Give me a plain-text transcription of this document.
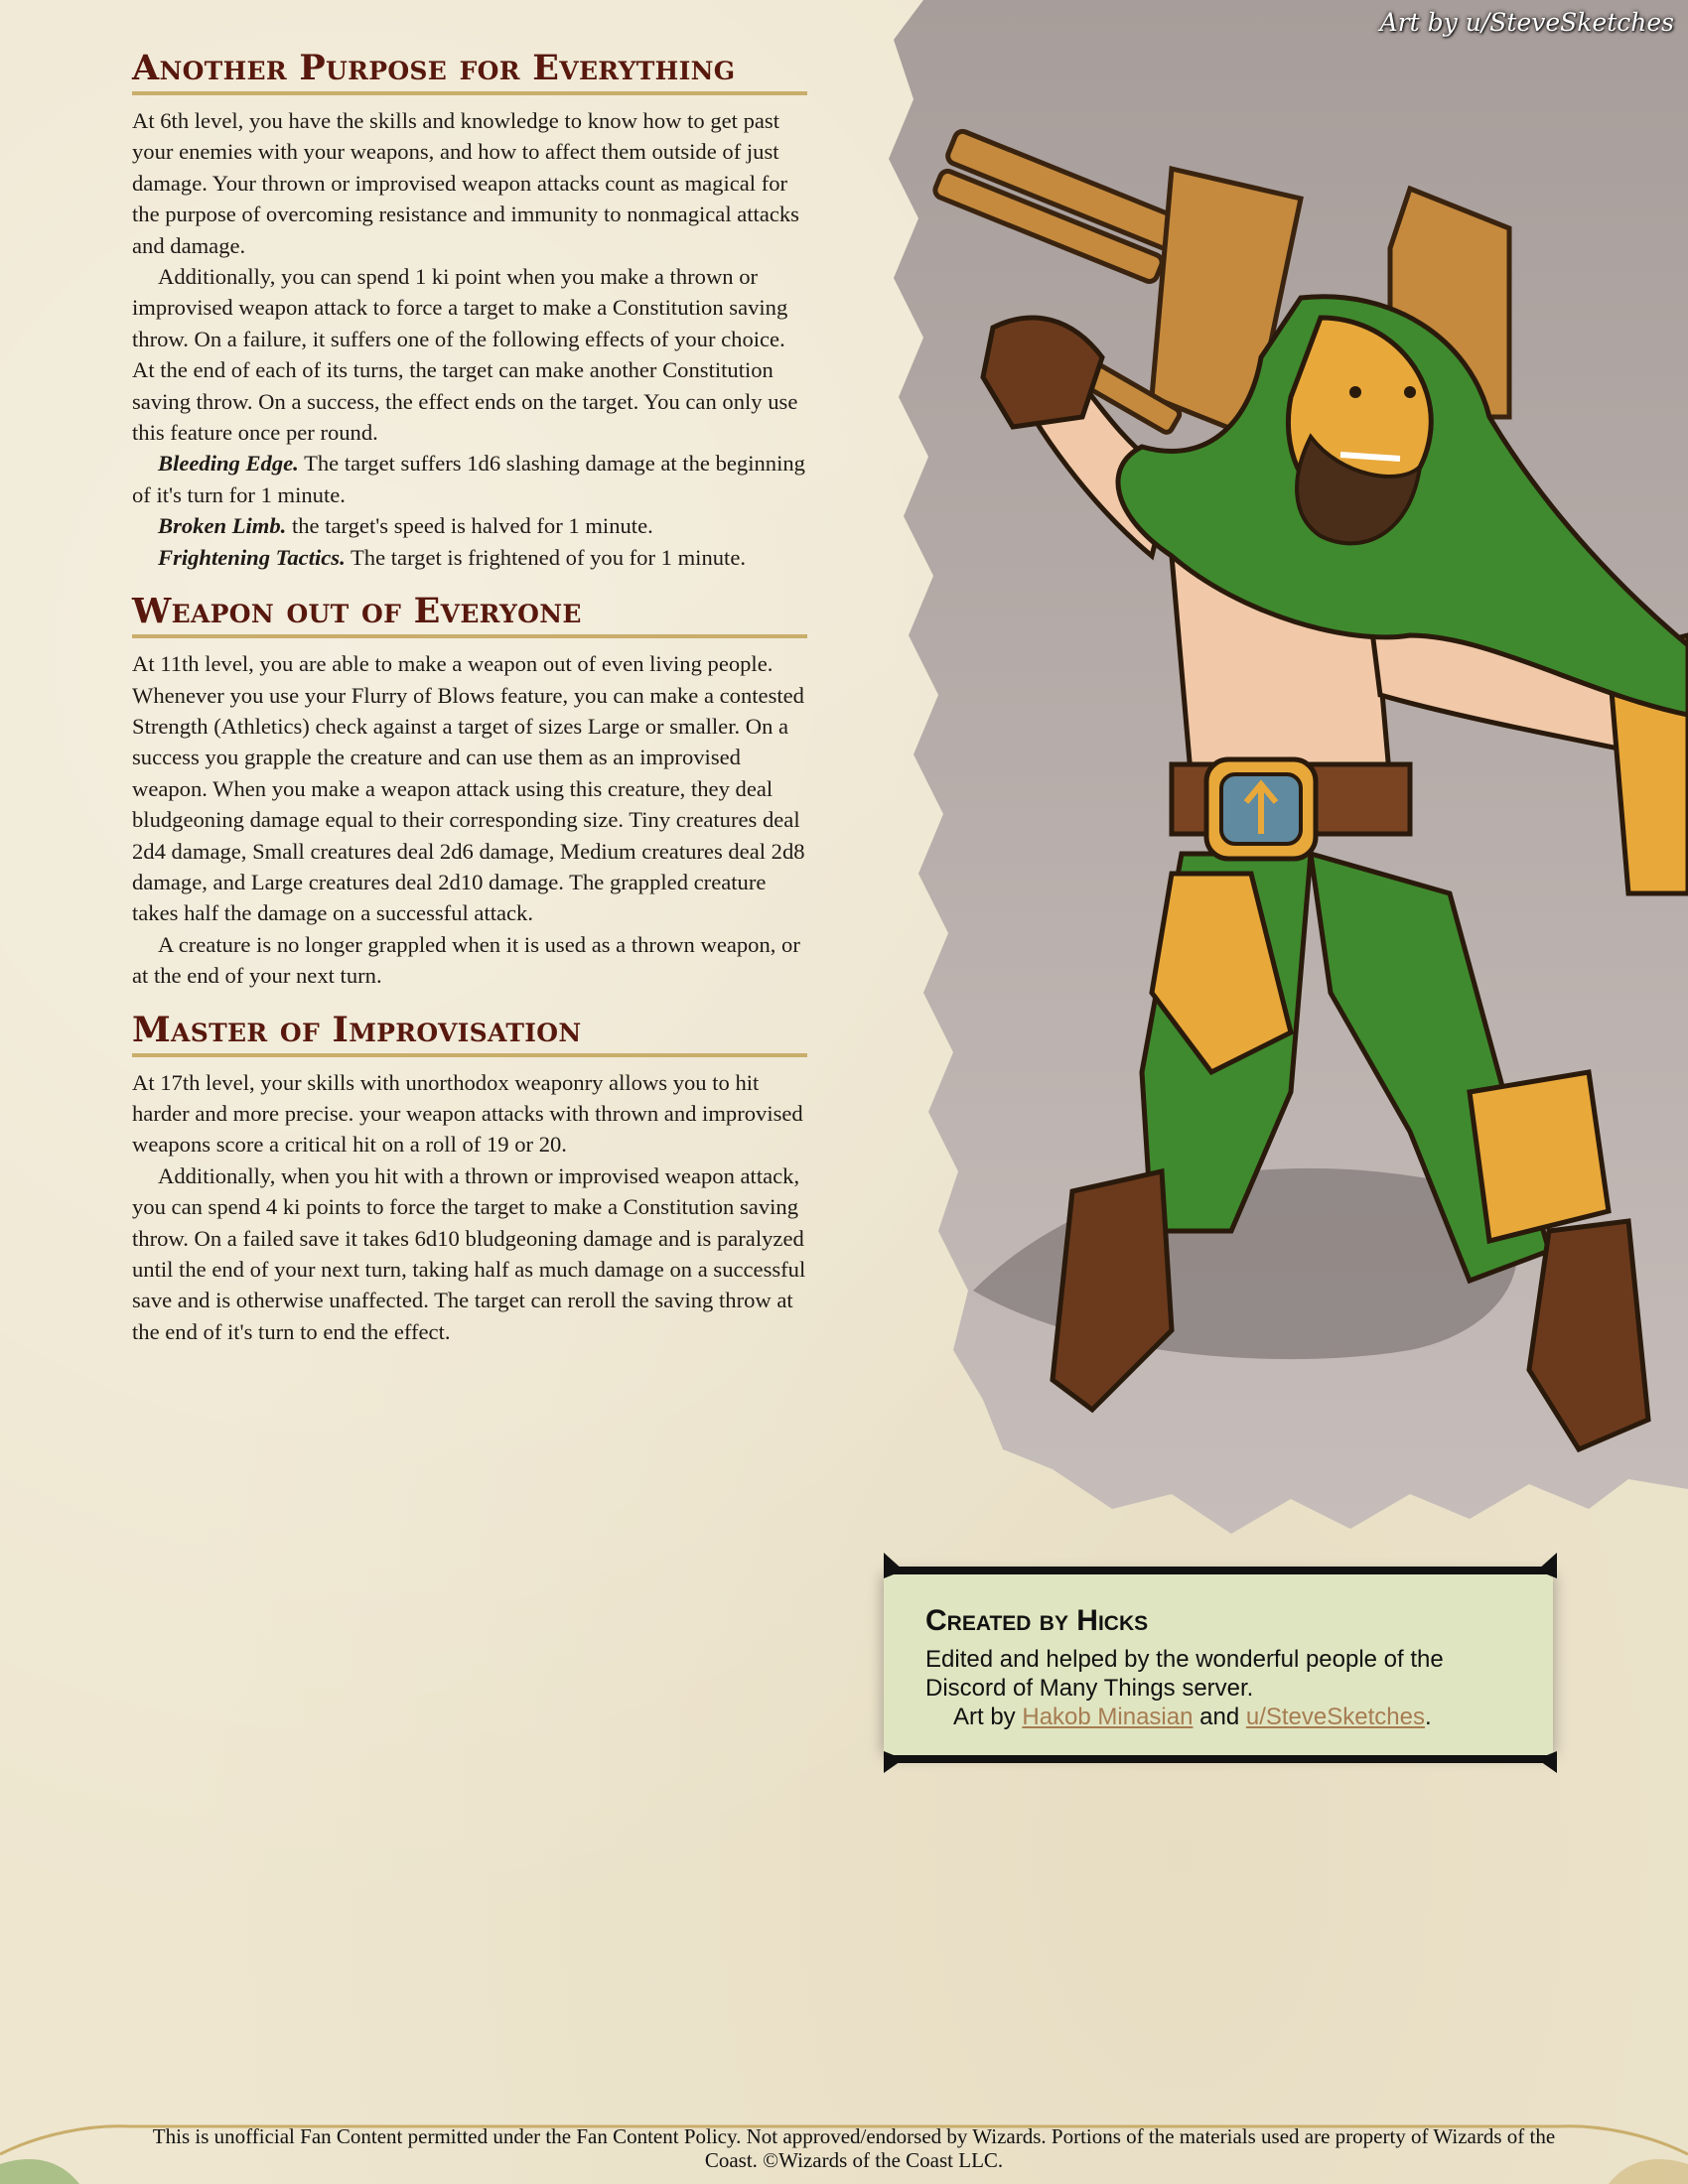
Art by u/SteveSketches
Another Purpose for Everything

At 6th level, you have the skills and knowledge to know how to get past your enemies with your weapons, and how to affect them outside of just damage. Your thrown or improvised weapon attacks count as magical for the purpose of overcoming resistance and immunity to nonmagical attacks and damage.

Additionally, you can spend 1 ki point when you make a thrown or improvised weapon attack to force a target to make a Constitution saving throw. On a failure, it suffers one of the following effects of your choice. At the end of each of its turns, the target can make another Constitution saving throw. On a success, the effect ends on the target. You can only use this feature once per round.

Bleeding Edge. The target suffers 1d6 slashing damage at the beginning of it's turn for 1 minute.

Broken Limb. the target's speed is halved for 1 minute.

Frightening Tactics. The target is frightened of you for 1 minute.

Weapon out of Everyone

At 11th level, you are able to make a weapon out of even living people. Whenever you use your Flurry of Blows feature, you can make a contested Strength (Athletics) check against a target of sizes Large or smaller. On a success you grapple the creature and can use them as an improvised weapon. When you make a weapon attack using this creature, they deal bludgeoning damage equal to their corresponding size. Tiny creatures deal 2d4 damage, Small creatures deal 2d6 damage, Medium creatures deal 2d8 damage, and Large creatures deal 2d10 damage. The grappled creature takes half the damage on a successful attack.

A creature is no longer grappled when it is used as a thrown weapon, or at the end of your next turn.

Master of Improvisation

At 17th level, your skills with unorthodox weaponry allows you to hit harder and more precise. your weapon attacks with thrown and improvised weapons score a critical hit on a roll of 19 or 20.

Additionally, when you hit with a thrown or improvised weapon attack, you can spend 4 ki points to force the target to make a Constitution saving throw. On a failed save it takes 6d10 bludgeoning damage and is paralyzed until the end of your next turn, taking half as much damage on a successful save and is otherwise unaffected. The target can reroll the saving throw at the end of it's turn to end the effect.

Created by Hicks
Edited and helped by the wonderful people of the Discord of Many Things server.
Art by Hakob Minasian and u/SteveSketches.
This is unofficial Fan Content permitted under the Fan Content Policy. Not approved/endorsed by Wizards. Portions of the materials used are property of Wizards of the Coast. ©Wizards of the Coast LLC.
